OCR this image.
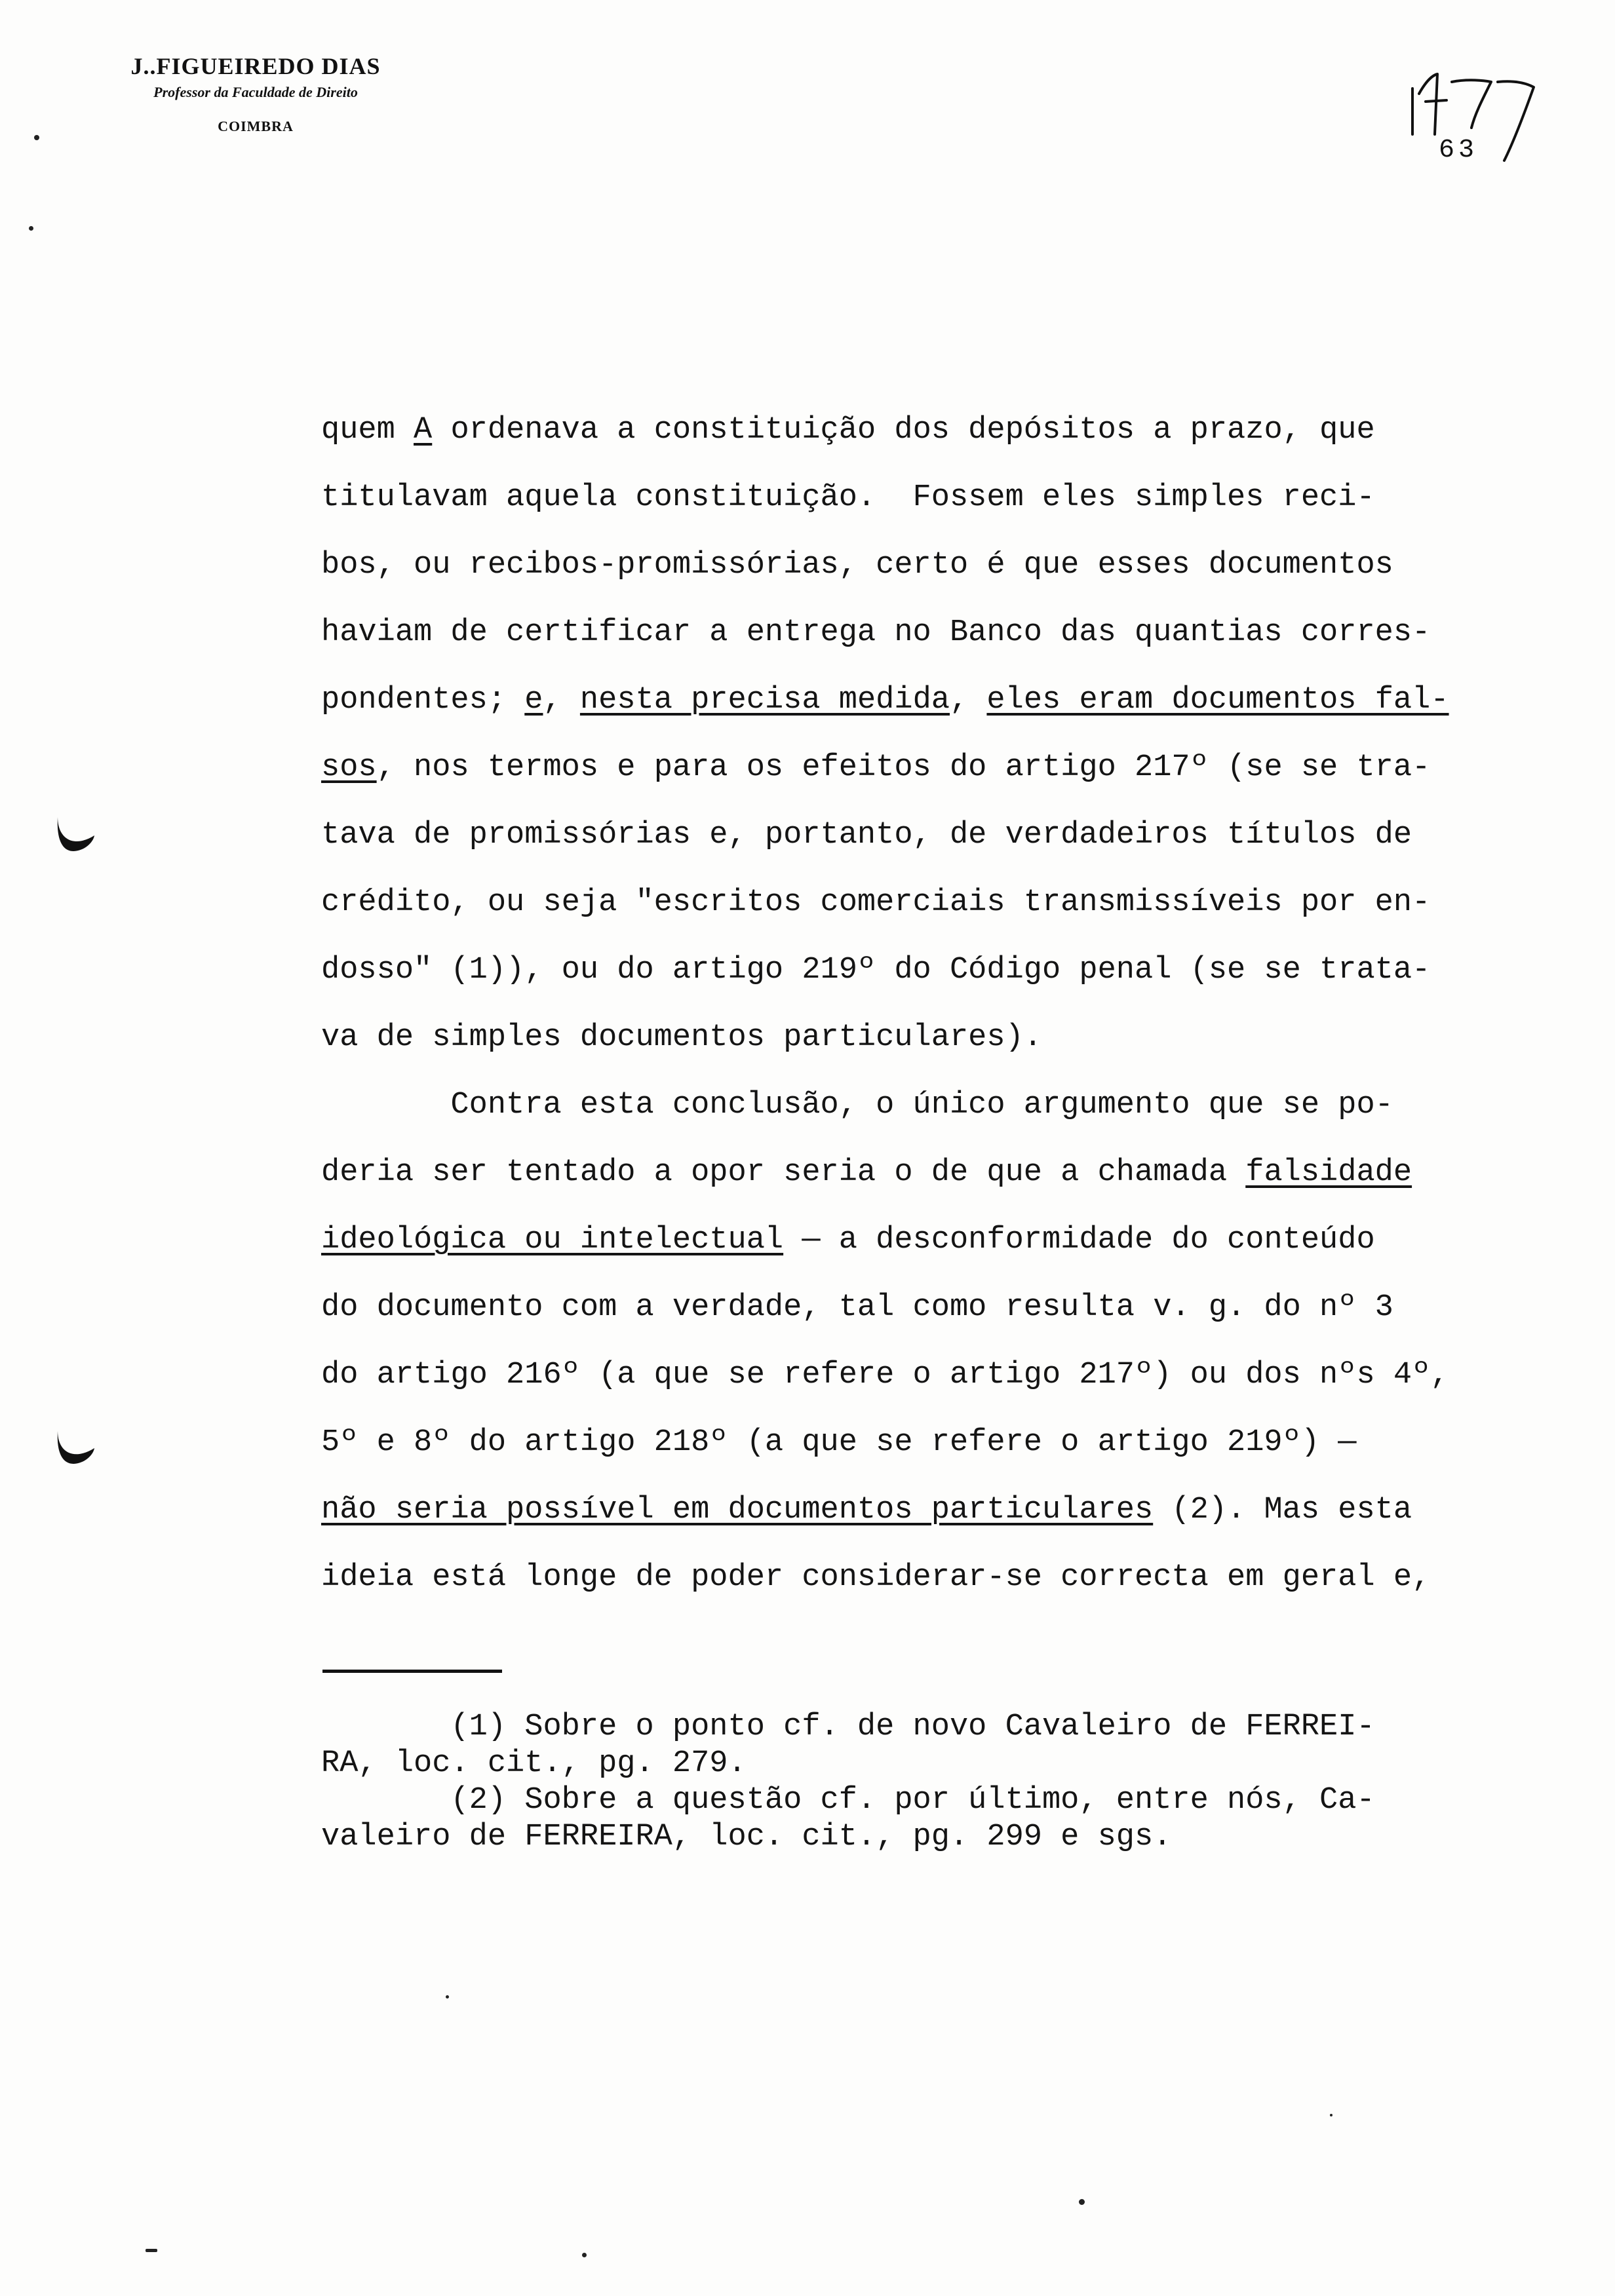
J..FIGUEIREDO DIAS
Professor da Faculdade de Direito
COIMBRA
63
quem A ordenava a constituição dos depósitos a prazo, que
titulavam aquela constituição.  Fossem eles simples reci-
bos, ou recibos-promissórias, certo é que esses documentos
haviam de certificar a entrega no Banco das quantias corres-
pondentes; e, nesta precisa medida, eles eram documentos fal-
sos, nos termos e para os efeitos do artigo 217º (se se tra-
tava de promissórias e, portanto, de verdadeiros títulos de
crédito, ou seja "escritos comerciais transmissíveis por en-
dosso" (1)), ou do artigo 219º do Código penal (se se trata-
va de simples documentos particulares).
Contra esta conclusão, o único argumento que se po-
deria ser tentado a opor seria o de que a chamada falsidade
ideológica ou intelectual — a desconformidade do conteúdo
do documento com a verdade, tal como resulta v. g. do nº 3
do artigo 216º (a que se refere o artigo 217º) ou dos nºs 4º,
5º e 8º do artigo 218º (a que se refere o artigo 219º) —
não seria possível em documentos particulares (2). Mas esta
ideia está longe de poder considerar-se correcta em geral e,
(1) Sobre o ponto cf. de novo Cavaleiro de FERREI-
RA, loc. cit., pg. 279.
(2) Sobre a questão cf. por último, entre nós, Ca-
valeiro de FERREIRA, loc. cit., pg. 299 e sgs.
